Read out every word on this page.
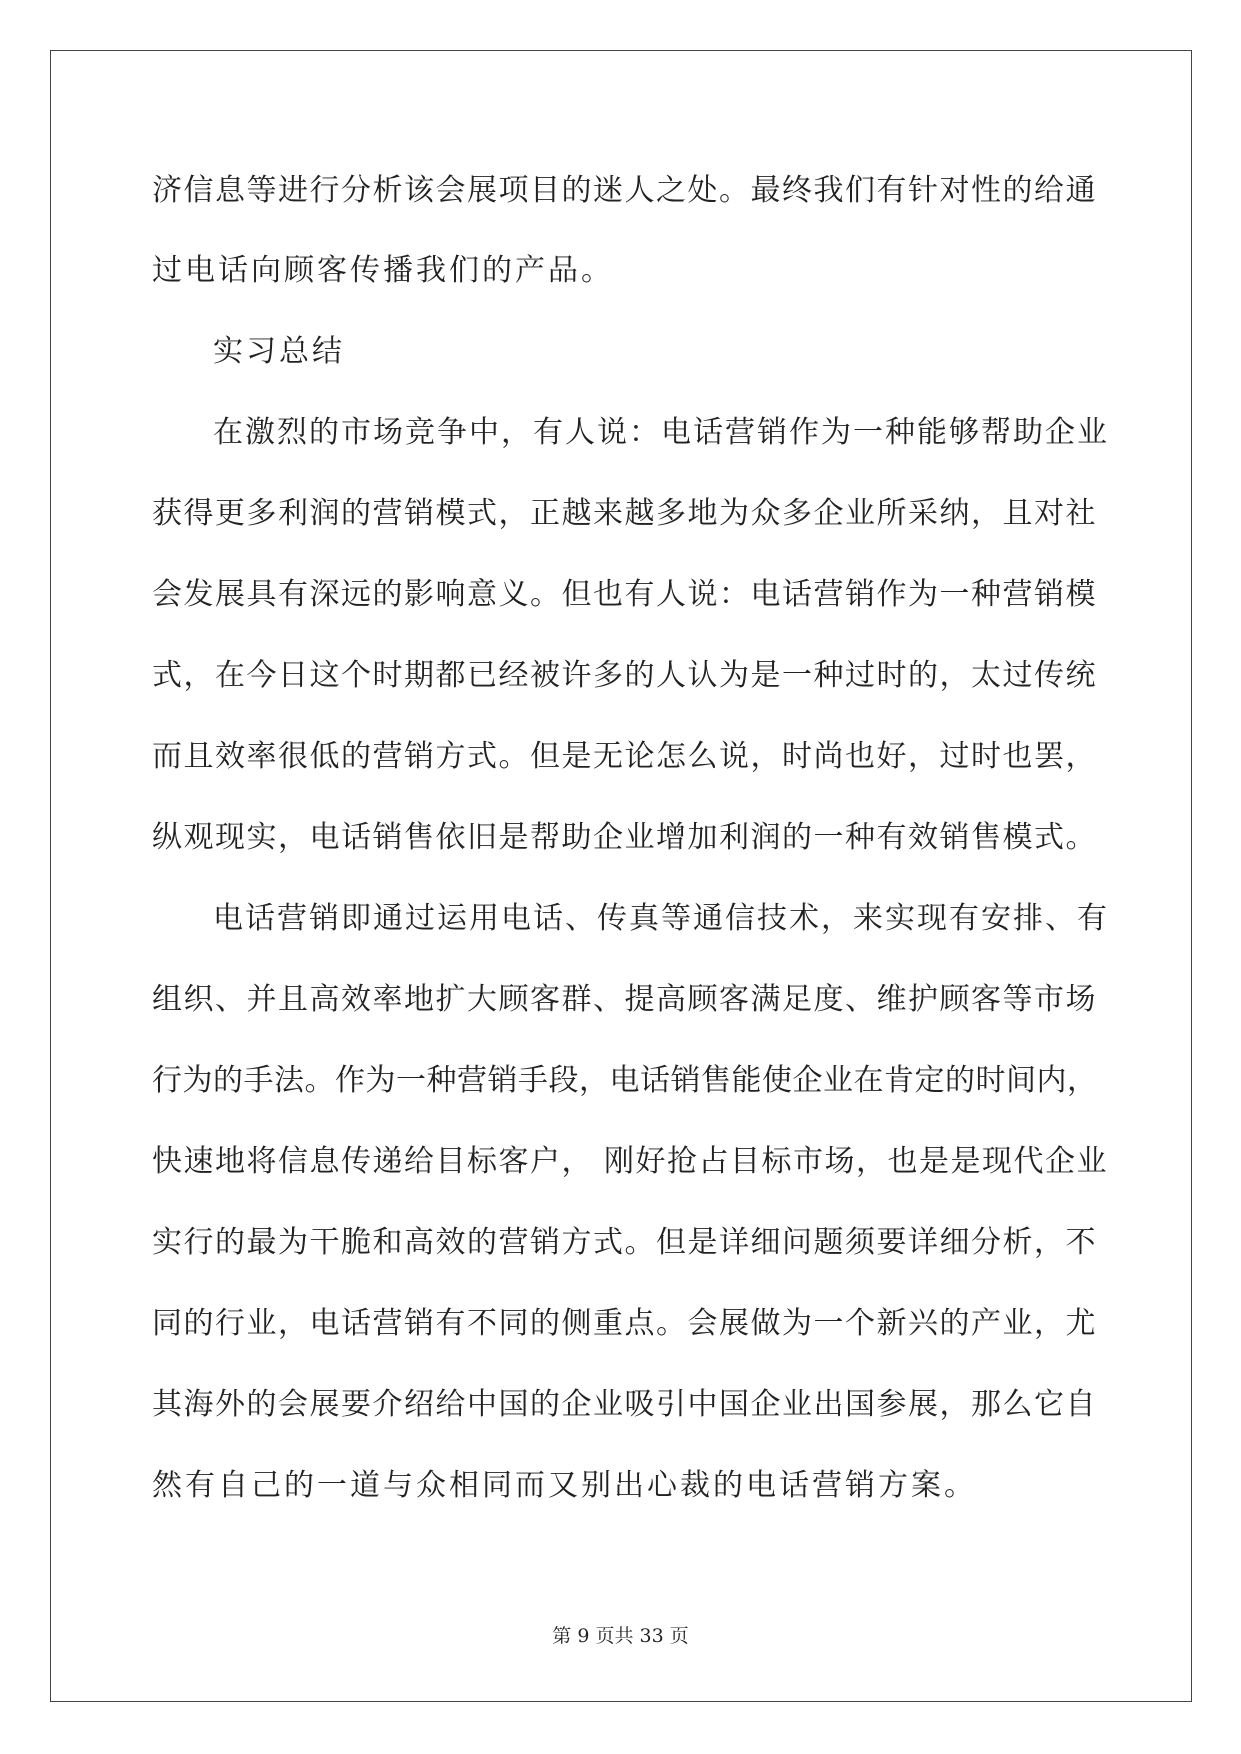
济信息等进行分析该会展项目的迷人之处。最终我们有针对性的给通

过电话向顾客传播我们的产品。

实习总结

在激烈的市场竞争中，有人说：电话营销作为一种能够帮助企业

获得更多利润的营销模式，正越来越多地为众多企业所采纳，且对社

会发展具有深远的影响意义。但也有人说：电话营销作为一种营销模

式，在今日这个时期都已经被许多的人认为是一种过时的，太过传统

而且效率很低的营销方式。但是无论怎么说，时尚也好，过时也罢，

纵观现实，电话销售依旧是帮助企业增加利润的一种有效销售模式。

电话营销即通过运用电话、传真等通信技术，来实现有安排、有

组织、并且高效率地扩大顾客群、提高顾客满足度、维护顾客等市场

行为的手法。作为一种营销手段，电话销售能使企业在肯定的时间内，

快速地将信息传递给目标客户， 刚好抢占目标市场，也是是现代企业

实行的最为干脆和高效的营销方式。但是详细问题须要详细分析，不

同的行业，电话营销有不同的侧重点。会展做为一个新兴的产业，尤

其海外的会展要介绍给中国的企业吸引中国企业出国参展，那么它自

然有自己的一道与众相同而又别出心裁的电话营销方案。

第 9 页共 33 页
